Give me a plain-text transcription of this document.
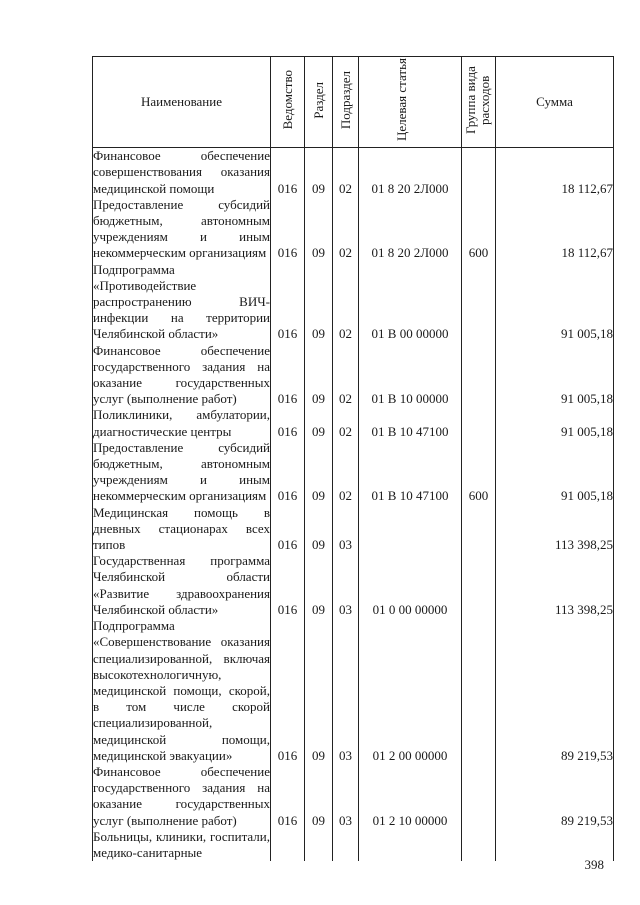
Наименование	Ведомство	Раздел	Подраздел	Целевая статья	Группа вида расходов	Сумма
Финансовое обеспечение совершенствования оказания медицинской помощи	016	09	02	01 8 20 2Л000		18 112,67
Предоставление субсидий бюджетным, автономным учреждениям и иным некоммерческим организациям	016	09	02	01 8 20 2Л000	600	18 112,67
Подпрограмма «Противодействие распространению ВИЧ-инфекции на территории Челябинской области»	016	09	02	01 В 00 00000		91 005,18
Финансовое обеспечение государственного задания на оказание государственных услуг (выполнение работ)	016	09	02	01 В 10 00000		91 005,18
Поликлиники, амбулатории, диагностические центры	016	09	02	01 В 10 47100		91 005,18
Предоставление субсидий бюджетным, автономным учреждениям и иным некоммерческим организациям	016	09	02	01 В 10 47100	600	91 005,18
Медицинская помощь в дневных стационарах всех типов	016	09	03			113 398,25
Государственная программа Челябинской области «Развитие здравоохранения Челябинской области»	016	09	03	01 0 00 00000		113 398,25
Подпрограмма «Совершенствование оказания специализированной, включая высокотехнологичную, медицинской помощи, скорой, в том числе скорой специализированной, медицинской помощи, медицинской эвакуации»	016	09	03	01 2 00 00000		89 219,53
Финансовое обеспечение государственного задания на оказание государственных услуг (выполнение работ)	016	09	03	01 2 10 00000		89 219,53
Больницы, клиники, госпитали, медико-санитарные						
398
